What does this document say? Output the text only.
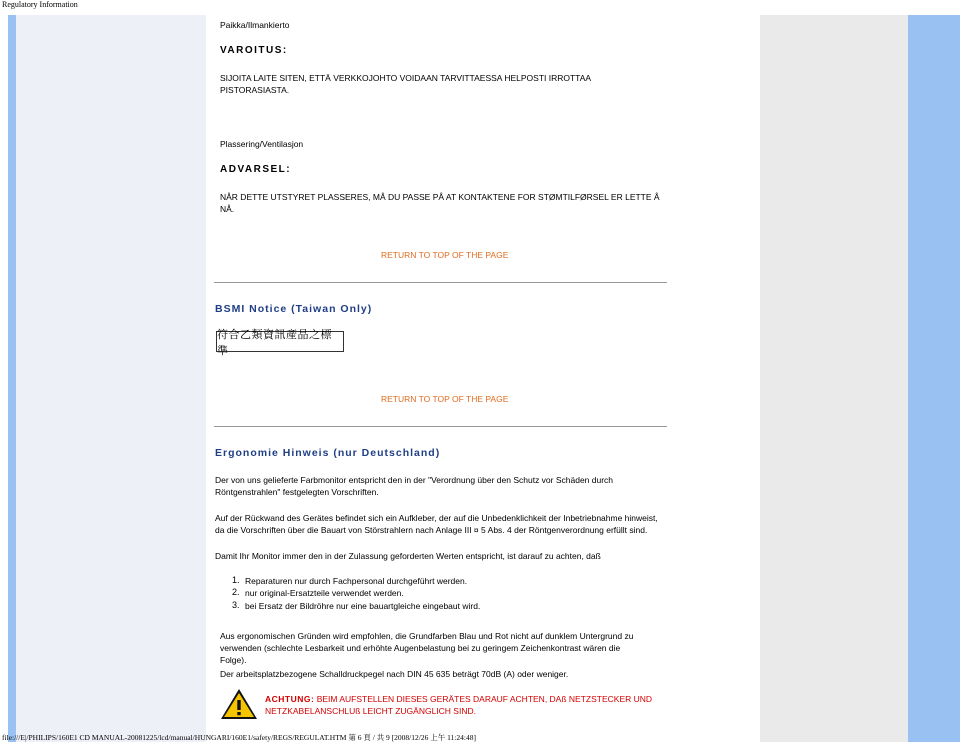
Regulatory Information
Paikka/Ilmankierto
VAROITUS:
SIJOITA LAITE SITEN, ETTÄ VERKKOJOHTO VOIDAAN TARVITTAESSA HELPOSTI IRROTTAA PISTORASIASTA.
Plassering/Ventilasjon
ADVARSEL:
NÅR DETTE UTSTYRET PLASSERES, MÅ DU PASSE PÅ AT KONTAKTENE FOR STØMTILFØRSEL ER LETTE Å NÅ.
RETURN TO TOP OF THE PAGE
BSMI Notice (Taiwan Only)
符合乙類資訊產品之標準
RETURN TO TOP OF THE PAGE
Ergonomie Hinweis (nur Deutschland)
Der von uns gelieferte Farbmonitor entspricht den in der "Verordnung über den Schutz vor Schäden durch Röntgenstrahlen" festgelegten Vorschriften.
Auf der Rückwand des Gerätes befindet sich ein Aufkleber, der auf die Unbedenklichkeit der Inbetriebnahme hinweist, da die Vorschriften über die Bauart von Störstrahlern nach Anlage III ¤ 5 Abs. 4 der Röntgenverordnung erfüllt sind.
Damit Ihr Monitor immer den in der Zulassung geforderten Werten entspricht, ist darauf zu achten, daß
1. Reparaturen nur durch Fachpersonal durchgeführt werden.
2. nur original-Ersatzteile verwendet werden.
3. bei Ersatz der Bildröhre nur eine bauartgleiche eingebaut wird.
Aus ergonomischen Gründen wird empfohlen, die Grundfarben Blau und Rot nicht auf dunklem Untergrund zu verwenden (schlechte Lesbarkeit und erhöhte Augenbelastung bei zu geringem Zeichenkontrast wären die Folge).
Der arbeitsplatzbezogene Schalldruckpegel nach DIN 45 635 beträgt 70dB (A) oder weniger.
ACHTUNG: BEIM AUFSTELLEN DIESES GERÄTES DARAUF ACHTEN, DAß NETZSTECKER UND NETZKABELANSCHLUß LEICHT ZUGÄNGLICH SIND.
file:///E|/PHILIPS/160E1 CD MANUAL-20081225/lcd/manual/HUNGARI/160E1/safety/REGS/REGULAT.HTM 第 6 頁 / 共 9 [2008/12/26 上午 11:24:48]
